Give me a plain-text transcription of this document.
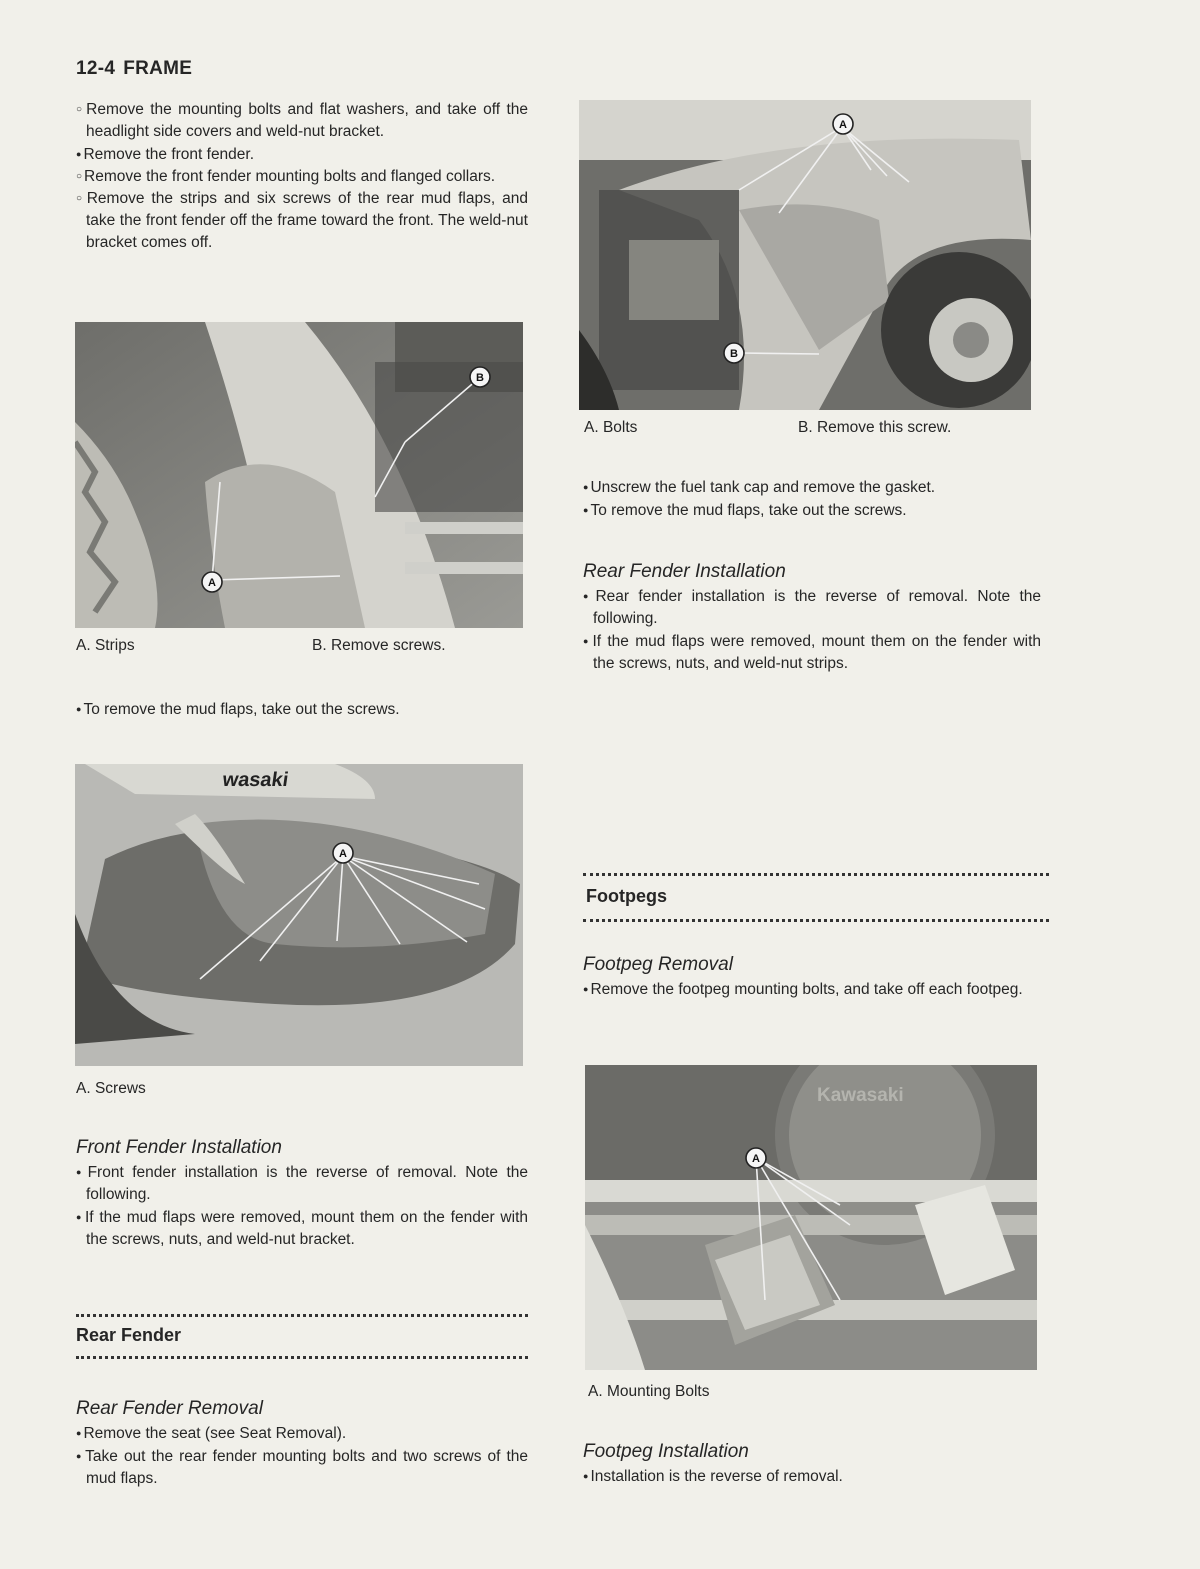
12-4 FRAME

○ Remove the mounting bolts and flat washers, and take off the headlight side covers and weld-nut bracket.

● Remove the front fender.

○ Remove the front fender mounting bolts and flanged collars.

○ Remove the strips and six screws of the rear mud flaps, and take the front fender off the frame toward the front. The weld-nut bracket comes off.

A
B
A. Strips	B. Remove screws.

● To remove the mud flaps, take out the screws.

wasaki
A
A. Screws

Front Fender Installation

● Front fender installation is the reverse of removal. Note the following.

● If the mud flaps were removed, mount them on the fender with the screws, nuts, and weld-nut bracket.

Rear Fender

Rear Fender Removal

● Remove the seat (see Seat Removal).

● Take out the rear fender mounting bolts and two screws of the mud flaps.

A
B
A. Bolts	B. Remove this screw.

● Unscrew the fuel tank cap and remove the gasket.

● To remove the mud flaps, take out the screws.

Rear Fender Installation

● Rear fender installation is the reverse of removal. Note the following.

● If the mud flaps were removed, mount them on the fender with the screws, nuts, and weld-nut strips.

Footpegs

Footpeg Removal

● Remove the footpeg mounting bolts, and take off each footpeg.

Kawasaki
A
A. Mounting Bolts

Footpeg Installation

● Installation is the reverse of removal.
